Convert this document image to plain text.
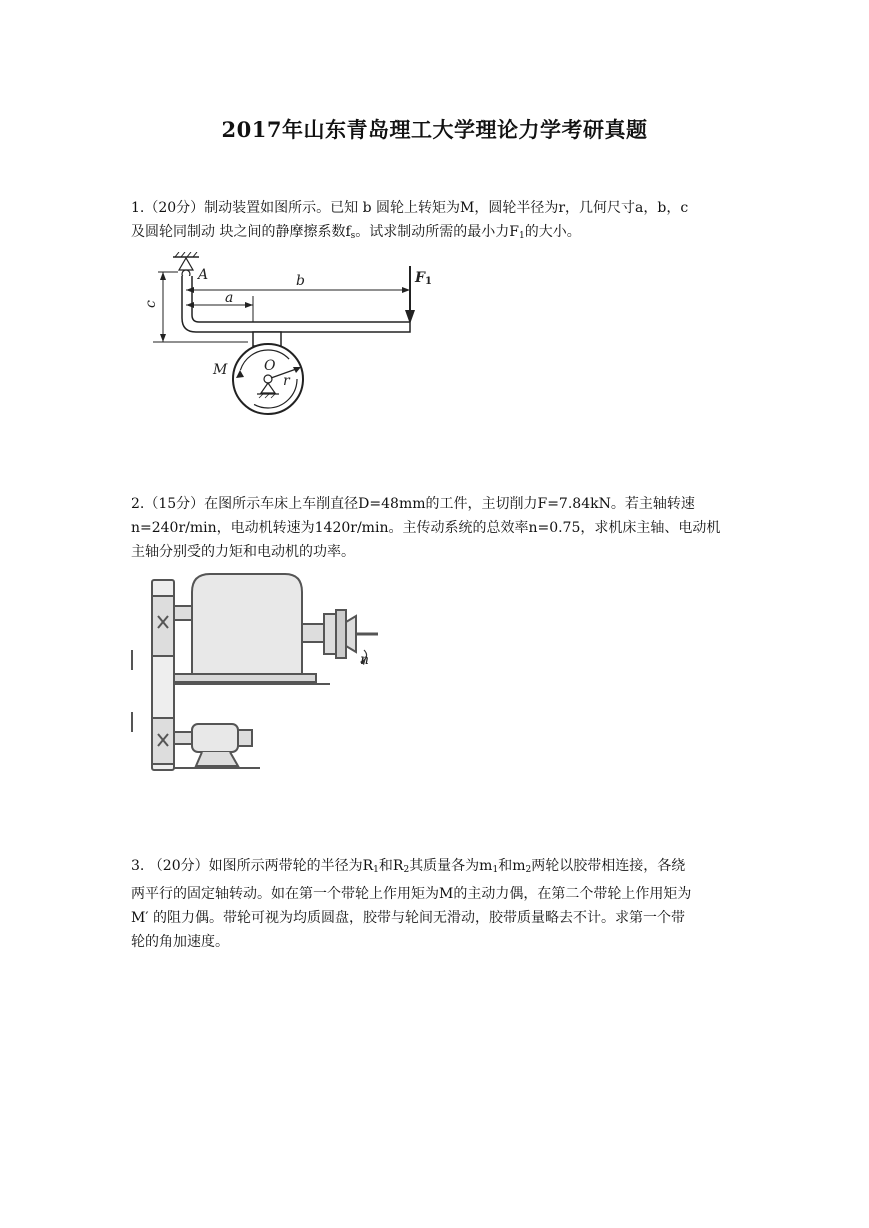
2017年山东青岛理工大学理论力学考研真题
1.（20分）制动装置如图所示。已知 b 圆轮上转矩为M，圆轮半径为r，几何尺寸a，b，c
及圆轮同制动 块之间的静摩擦系数$f_s$。试求制动所需的最小力$F_1$的大小。
A	F1
b
a
c
M	O
r
2.（15分）在图所示车床上车削直径D=48mm的工件，主切削力F=7.84kN。若主轴转速
n=240r/min，电动机转速为1420r/min。主传动系统的总效率n=0.75，求机床主轴、电动机
主轴分别受的力矩和电动机的功率。
n
3. （20分）如图所示两带轮的半径为$R_1$和$R_2$其质量各为$m_1$和$m_2$两轮以胶带相连接，各绕
两平行的固定轴转动。如在第一个带轮上作用矩为M的主动力偶，在第二个带轮上作用矩为
M′ 的阻力偶。带轮可视为均质圆盘，胶带与轮间无滑动，胶带质量略去不计。求第一个带
轮的角加速度。
